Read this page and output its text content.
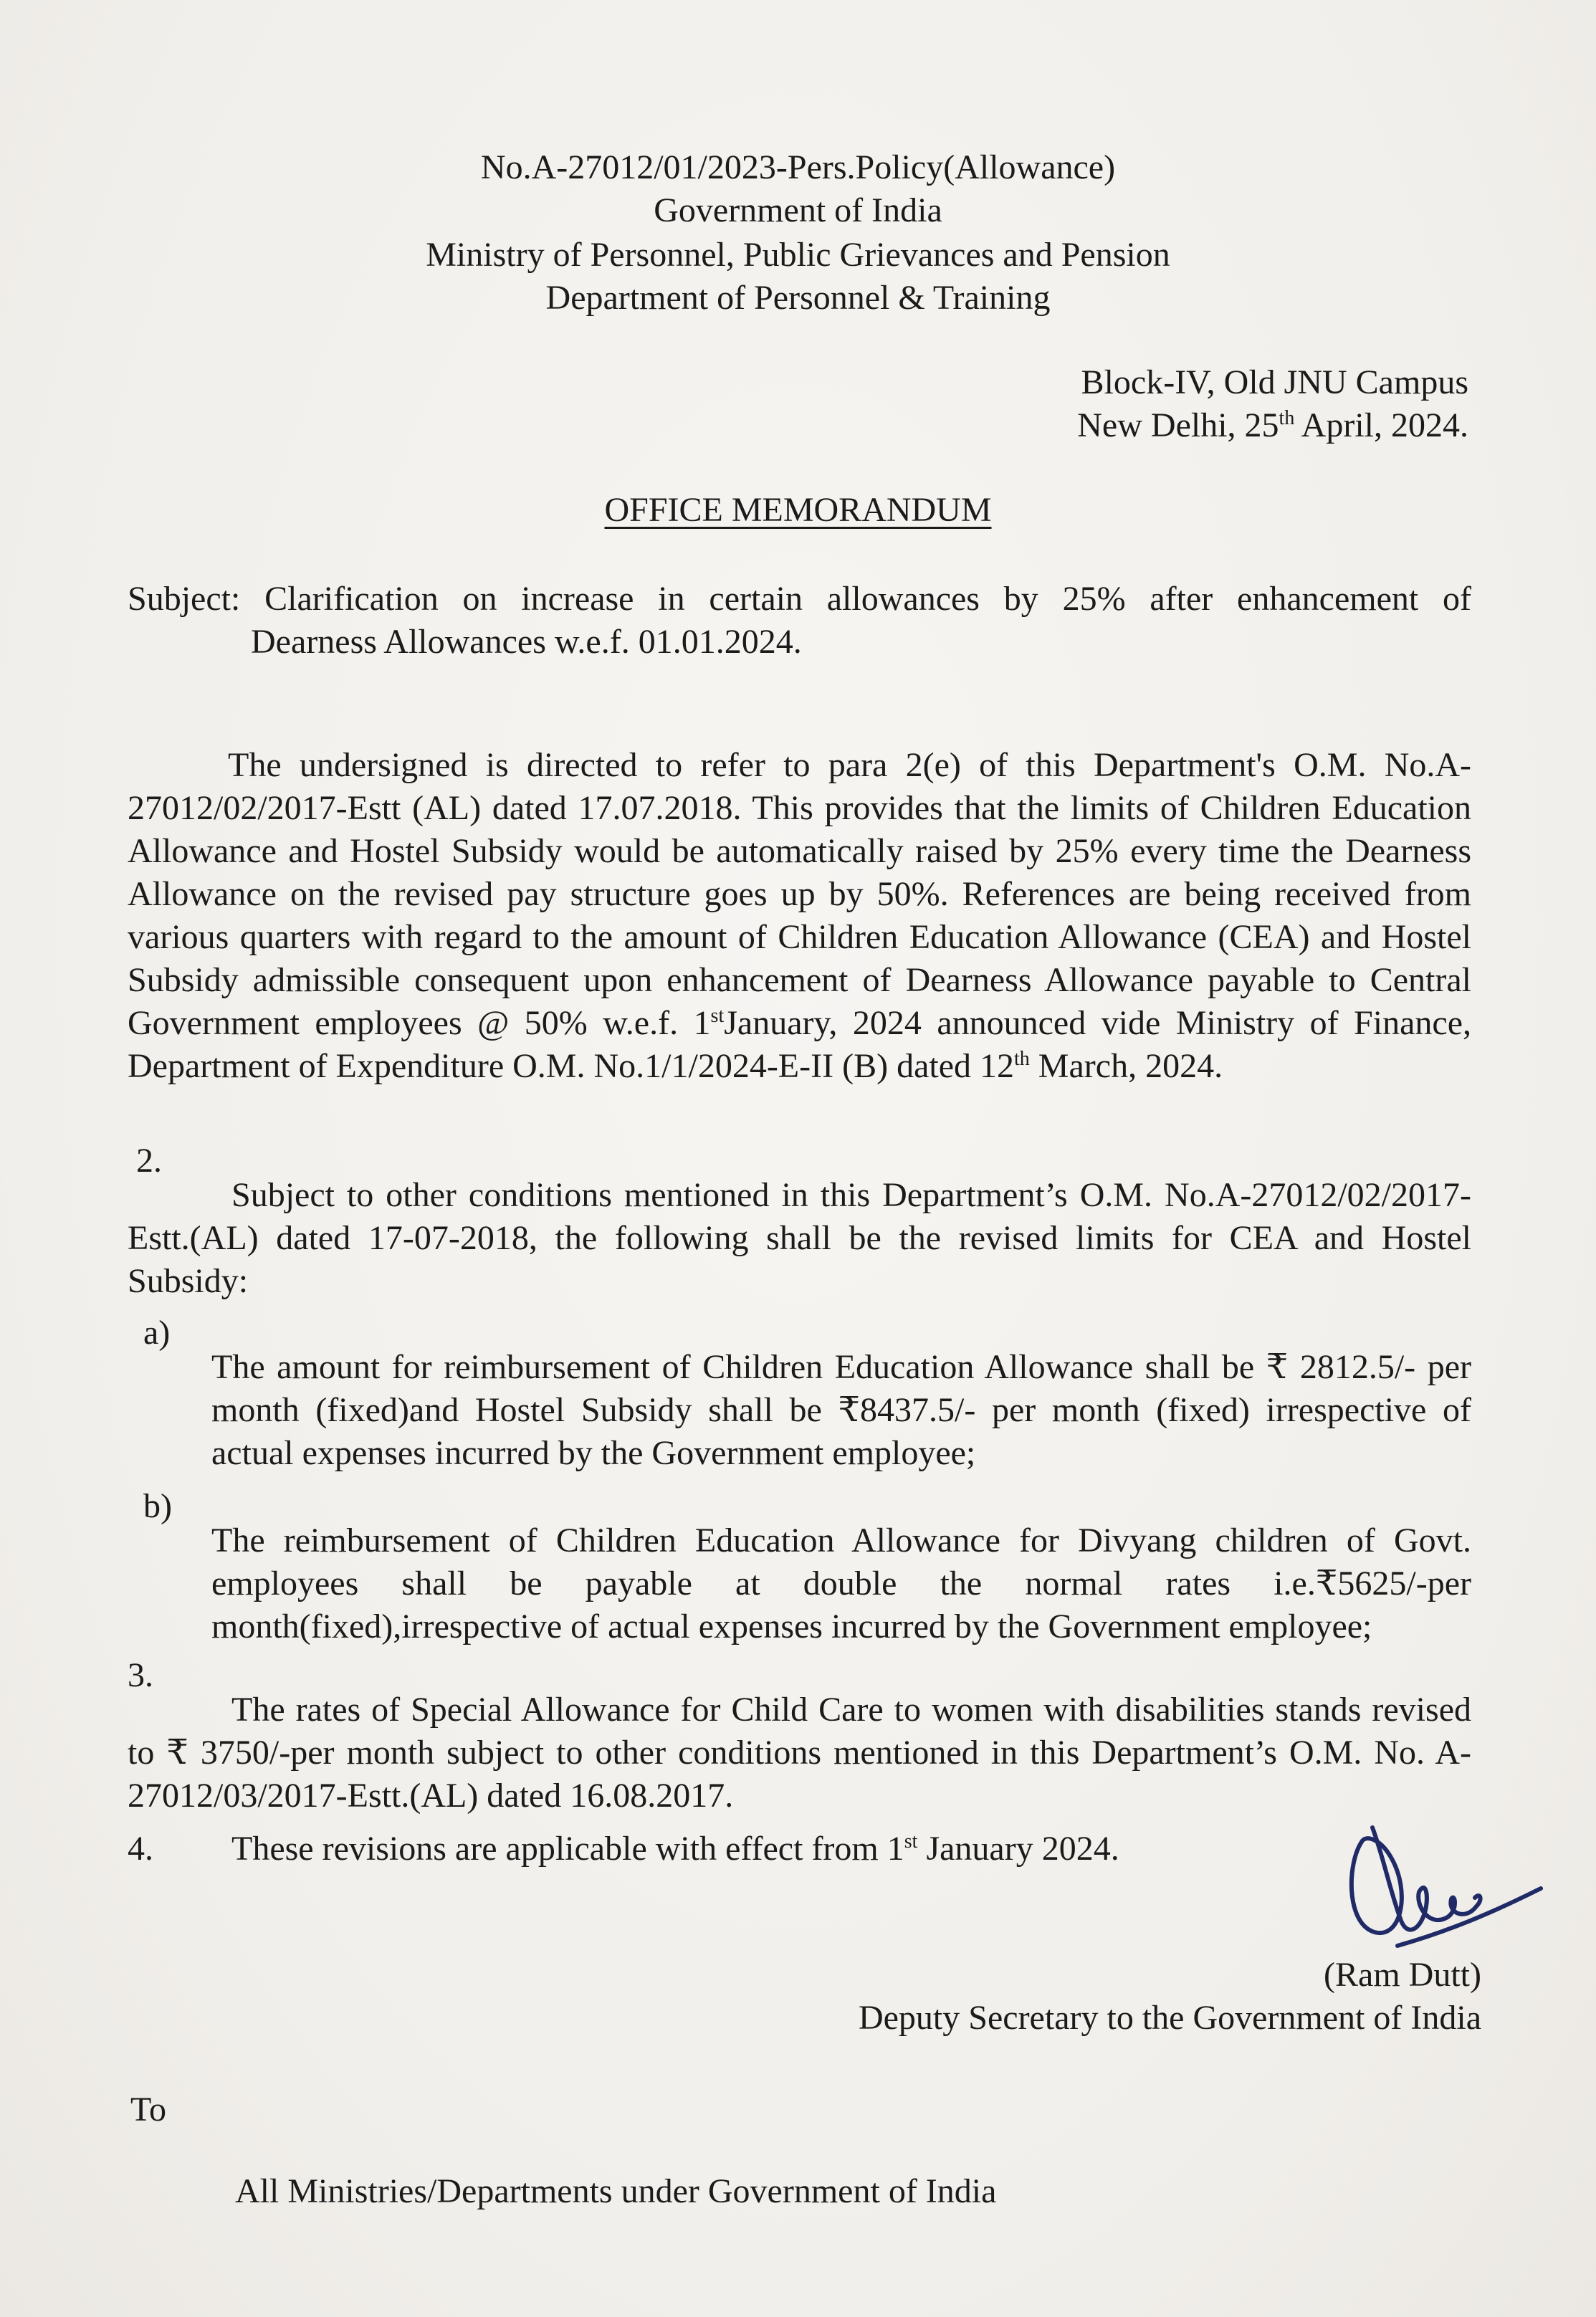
No.A-27012/01/2023-Pers.Policy(Allowance)
Government of India
Ministry of Personnel, Public Grievances and Pension
Department of Personnel & Training
Block-IV, Old JNU Campus
New Delhi, 25th April, 2024.
OFFICE MEMORANDUM
Subject: Clarification on increase in certain allowances by 25% after enhancement of
Dearness Allowances w.e.f. 01.01.2024.

The undersigned is directed to refer to para 2(e) of this Department's O.M. No.A-27012/02/2017-Estt (AL) dated 17.07.2018. This provides that the limits of Children Education Allowance and Hostel Subsidy would be automatically raised by 25% every time the Dearness Allowance on the revised pay structure goes up by 50%. References are being received from various quarters with regard to the amount of Children Education Allowance (CEA) and Hostel Subsidy admissible consequent upon enhancement of Dearness Allowance payable to Central Government employees @ 50% w.e.f. 1stJanuary, 2024 announced vide Ministry of Finance, Department of Expenditure O.M. No.1/1/2024-E-II (B) dated 12th March, 2024.

2.

Subject to other conditions mentioned in this Department’s O.M. No.A-27012/02/2017-Estt.(AL) dated 17-07-2018, the following shall be the revised limits for CEA and Hostel Subsidy:

a)

The amount for reimbursement of Children Education Allowance shall be ₹ 2812.5/- per month (fixed)and Hostel Subsidy shall be ₹8437.5/- per month (fixed) irrespective of actual expenses incurred by the Government employee;

b)

The reimbursement of Children Education Allowance for Divyang children of Govt. employees shall be payable at double the normal rates i.e.₹5625/-per month(fixed),irrespective of actual expenses incurred by the Government employee;

3.

The rates of Special Allowance for Child Care to women with disabilities stands revised to ₹ 3750/-per month subject to other conditions mentioned in this Department’s O.M. No. A-27012/03/2017-Estt.(AL) dated 16.08.2017.

4. These revisions are applicable with effect from 1st January 2024.
(Ram Dutt)
Deputy Secretary to the Government of India
To
All Ministries/Departments under Government of India
